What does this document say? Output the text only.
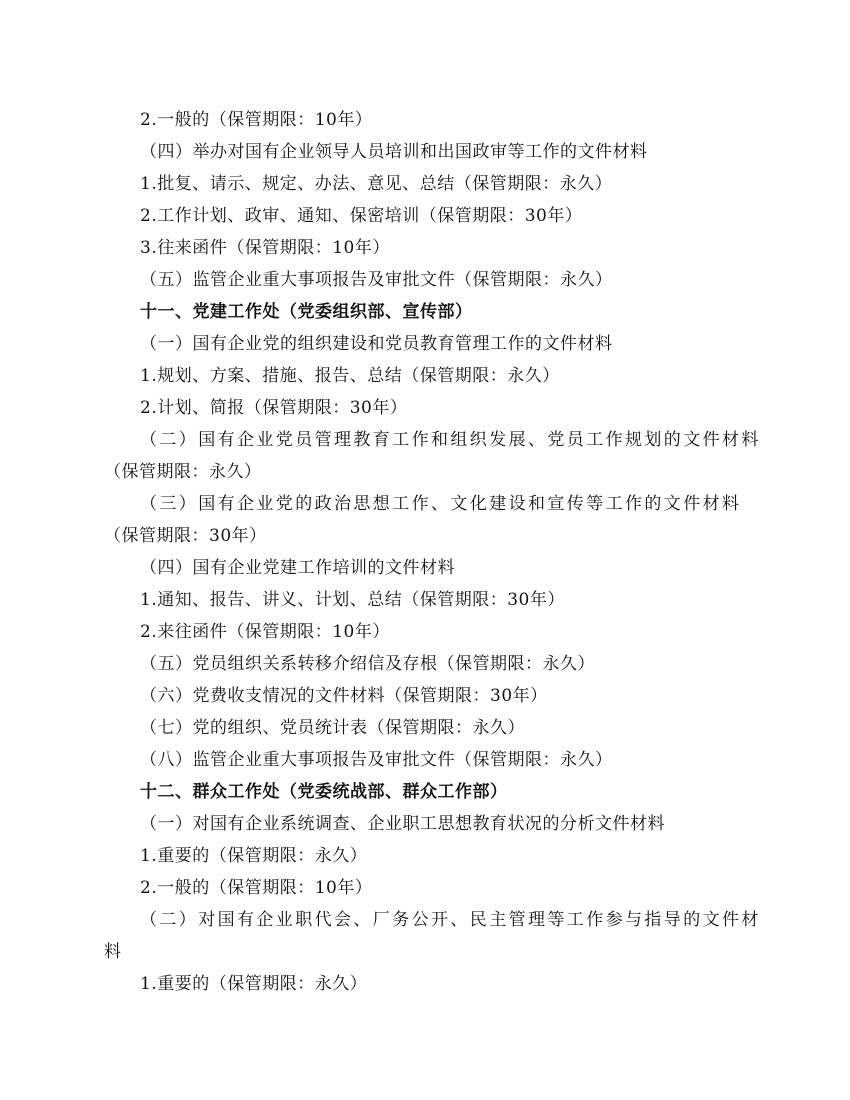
2.一般的（保管期限：10年）
（四）举办对国有企业领导人员培训和出国政审等工作的文件材料
1.批复、请示、规定、办法、意见、总结（保管期限：永久）
2.工作计划、政审、通知、保密培训（保管期限：30年）
3.往来函件（保管期限：10年）
（五）监管企业重大事项报告及审批文件（保管期限：永久）
十一、党建工作处（党委组织部、宣传部）
（一）国有企业党的组织建设和党员教育管理工作的文件材料
1.规划、方案、措施、报告、总结（保管期限：永久）
2.计划、简报（保管期限：30年）
（二）国有企业党员管理教育工作和组织发展、党员工作规划的文件材料
（保管期限：永久）
（三）国有企业党的政治思想工作、文化建设和宣传等工作的文件材料
（保管期限：30年）
（四）国有企业党建工作培训的文件材料
1.通知、报告、讲义、计划、总结（保管期限：30年）
2.来往函件（保管期限：10年）
（五）党员组织关系转移介绍信及存根（保管期限：永久）
（六）党费收支情况的文件材料（保管期限：30年）
（七）党的组织、党员统计表（保管期限：永久）
（八）监管企业重大事项报告及审批文件（保管期限：永久）
十二、群众工作处（党委统战部、群众工作部）
（一）对国有企业系统调查、企业职工思想教育状况的分析文件材料
1.重要的（保管期限：永久）
2.一般的（保管期限：10年）
（二）对国有企业职代会、厂务公开、民主管理等工作参与指导的文件材
料
1.重要的（保管期限：永久）
